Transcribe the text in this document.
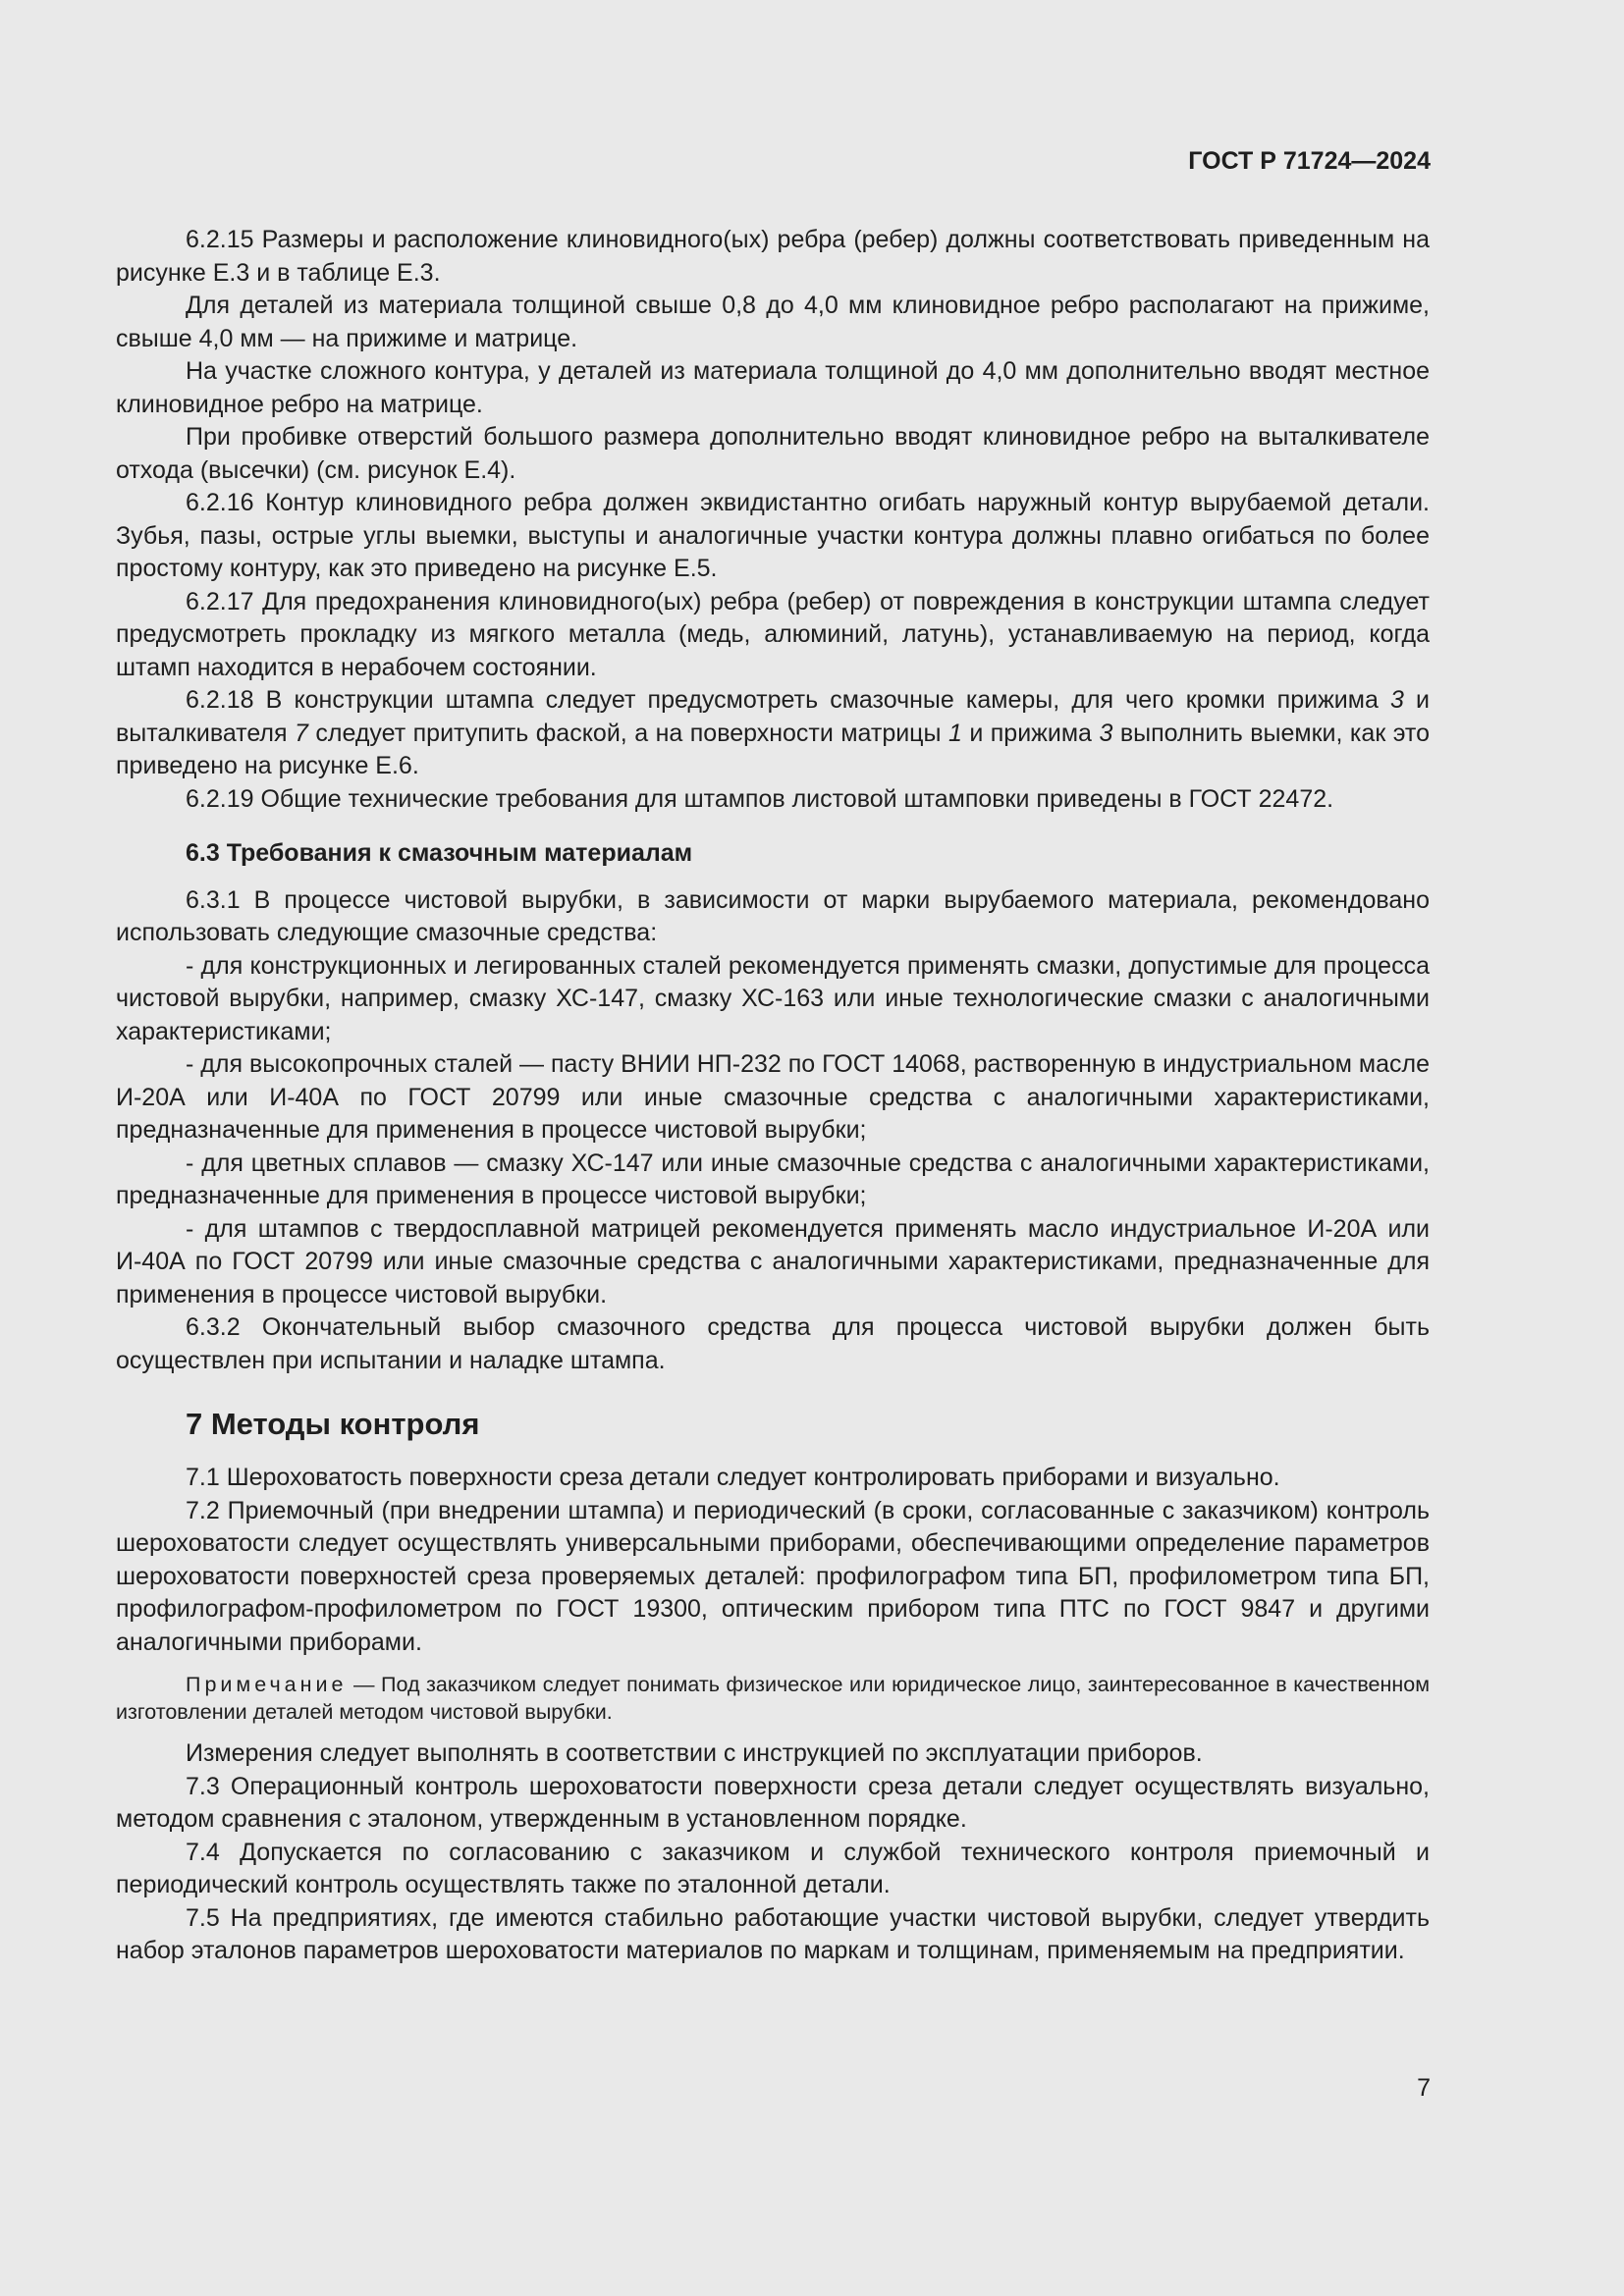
ГОСТ Р 71724—2024

6.2.15 Размеры и расположение клиновидного(ых) ребра (ребер) должны соответствовать приведенным на рисунке Е.3 и в таблице Е.3.

Для деталей из материала толщиной свыше 0,8 до 4,0 мм клиновидное ребро располагают на прижиме, свыше 4,0 мм — на прижиме и матрице.

На участке сложного контура, у деталей из материала толщиной до 4,0 мм дополнительно вводят местное клиновидное ребро на матрице.

При пробивке отверстий большого размера дополнительно вводят клиновидное ребро на выталкивателе отхода (высечки) (см. рисунок Е.4).

6.2.16 Контур клиновидного ребра должен эквидистантно огибать наружный контур вырубаемой детали. Зубья, пазы, острые углы выемки, выступы и аналогичные участки контура должны плавно огибаться по более простому контуру, как это приведено на рисунке Е.5.

6.2.17 Для предохранения клиновидного(ых) ребра (ребер) от повреждения в конструкции штампа следует предусмотреть прокладку из мягкого металла (медь, алюминий, латунь), устанавливаемую на период, когда штамп находится в нерабочем состоянии.

6.2.18 В конструкции штампа следует предусмотреть смазочные камеры, для чего кромки прижима 3 и выталкивателя 7 следует притупить фаской, а на поверхности матрицы 1 и прижима 3 выполнить выемки, как это приведено на рисунке Е.6.

6.2.19 Общие технические требования для штампов листовой штамповки приведены в ГОСТ 22472.

6.3 Требования к смазочным материалам

6.3.1 В процессе чистовой вырубки, в зависимости от марки вырубаемого материала, рекомендовано использовать следующие смазочные средства:

- для конструкционных и легированных сталей рекомендуется применять смазки, допустимые для процесса чистовой вырубки, например, смазку ХС-147, смазку ХС-163 или иные технологические смазки с аналогичными характеристиками;

- для высокопрочных сталей — пасту ВНИИ НП-232 по ГОСТ 14068, растворенную в индустриальном масле И-20А или И-40А по ГОСТ 20799 или иные смазочные средства с аналогичными характеристиками, предназначенные для применения в процессе чистовой вырубки;

- для цветных сплавов — смазку ХС-147 или иные смазочные средства с аналогичными характеристиками, предназначенные для применения в процессе чистовой вырубки;

- для штампов с твердосплавной матрицей рекомендуется применять масло индустриальное И-20А или И-40А по ГОСТ 20799 или иные смазочные средства с аналогичными характеристиками, предназначенные для применения в процессе чистовой вырубки.

6.3.2 Окончательный выбор смазочного средства для процесса чистовой вырубки должен быть осуществлен при испытании и наладке штампа.

7 Методы контроля

7.1 Шероховатость поверхности среза детали следует контролировать приборами и визуально.

7.2 Приемочный (при внедрении штампа) и периодический (в сроки, согласованные с заказчиком) контроль шероховатости следует осуществлять универсальными приборами, обеспечивающими определение параметров шероховатости поверхностей среза проверяемых деталей: профилографом типа БП, профилометром типа БП, профилографом-профилометром по ГОСТ 19300, оптическим прибором типа ПТС по ГОСТ 9847 и другими аналогичными приборами.

Примечание — Под заказчиком следует понимать физическое или юридическое лицо, заинтересованное в качественном изготовлении деталей методом чистовой вырубки.

Измерения следует выполнять в соответствии с инструкцией по эксплуатации приборов.

7.3 Операционный контроль шероховатости поверхности среза детали следует осуществлять визуально, методом сравнения с эталоном, утвержденным в установленном порядке.

7.4 Допускается по согласованию с заказчиком и службой технического контроля приемочный и периодический контроль осуществлять также по эталонной детали.

7.5 На предприятиях, где имеются стабильно работающие участки чистовой вырубки, следует утвердить набор эталонов параметров шероховатости материалов по маркам и толщинам, применяемым на предприятии.

7
